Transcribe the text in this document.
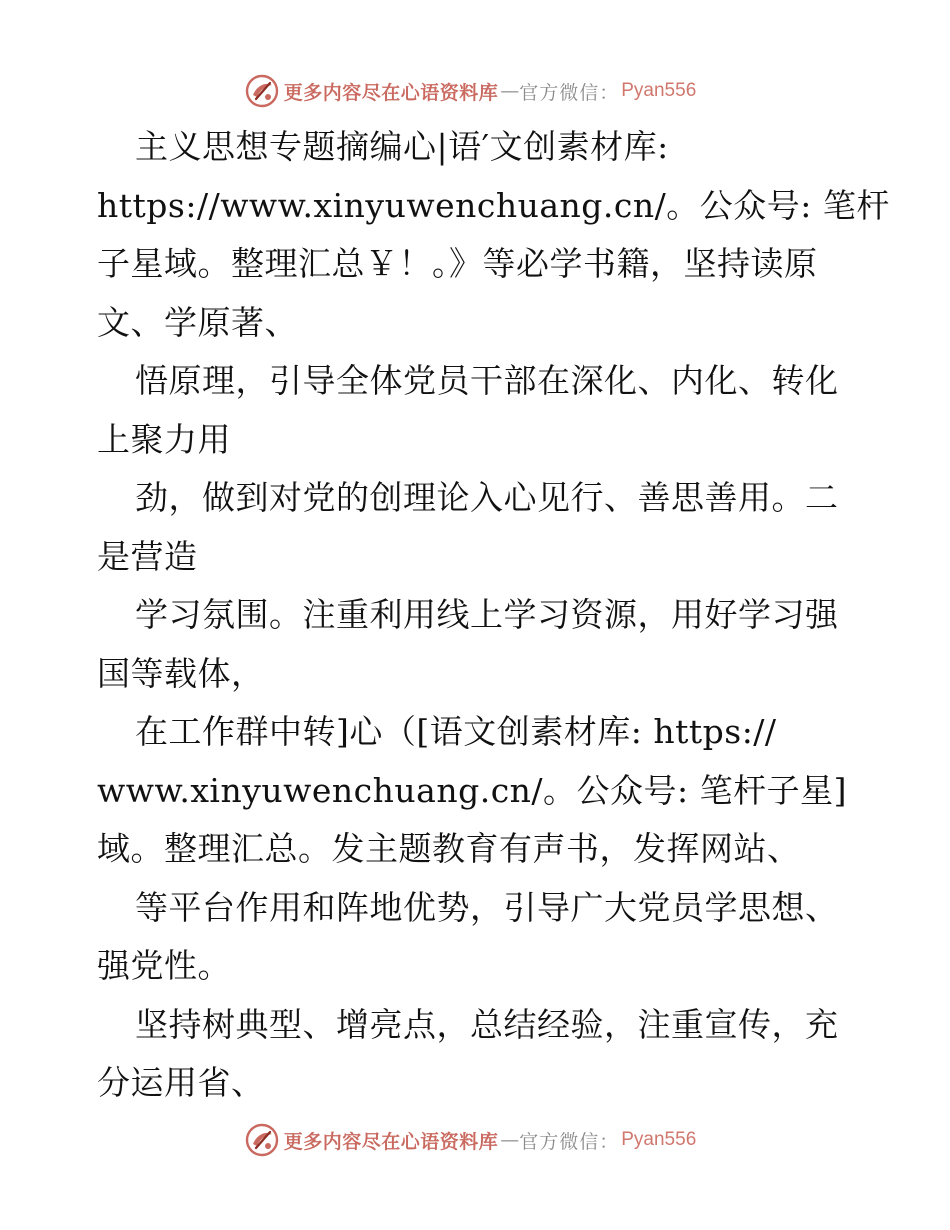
更多内容尽在心语资料库 — 官方微信： Pyan556
主义思想专题摘编心|语′文创素材库:
https://www.xinyuwenchuang.cn/。公众号: 笔杆
子星域。整理汇总￥！。》等必学书籍，坚持读原
文、学原著、
悟原理，引导全体党员干部在深化、内化、转化
上聚力用
劲，做到对党的创理论入心见行、善思善用。二
是营造
学习氛围。注重利用线上学习资源，用好学习强
国等载体，
在工作群中转]心（[语文创素材库: https://
www.xinyuwenchuang.cn/。公众号: 笔杆子星]
域。整理汇总。发主题教育有声书，发挥网站、
等平台作用和阵地优势，引导广大党员学思想、
强党性。
坚持树典型、增亮点，总结经验，注重宣传，充
分运用省、
更多内容尽在心语资料库 — 官方微信： Pyan556
